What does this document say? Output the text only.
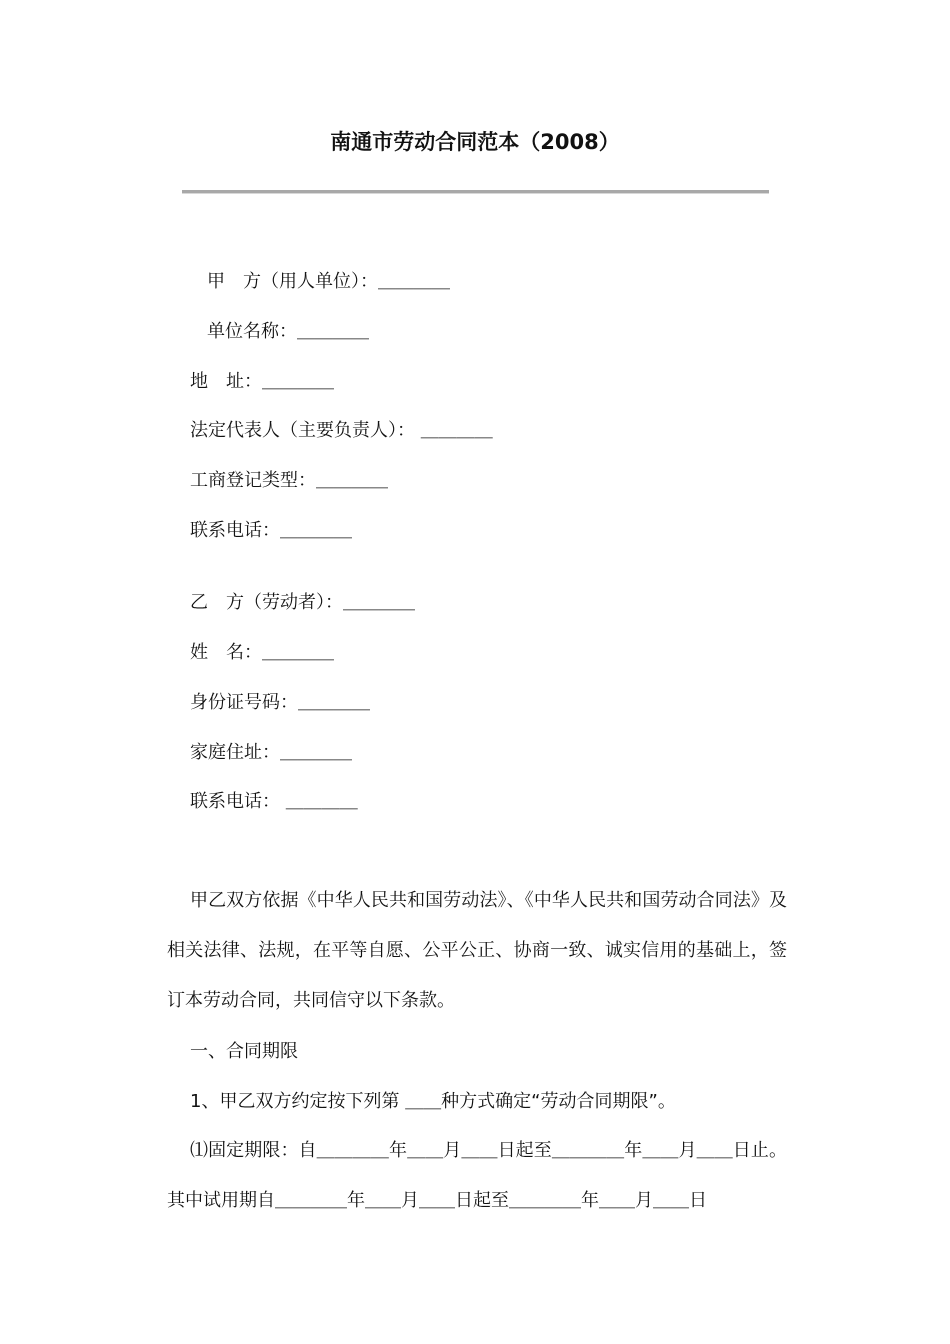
南通市劳动合同范本（2008）
甲　方（用人单位）：＿＿＿＿
单位名称：＿＿＿＿
地　址：＿＿＿＿
法定代表人（主要负责人）： ＿＿＿＿
工商登记类型：＿＿＿＿
联系电话：＿＿＿＿
乙　方（劳动者）：＿＿＿＿
姓　名：＿＿＿＿
身份证号码：＿＿＿＿
家庭住址：＿＿＿＿
联系电话： ＿＿＿＿
甲乙双方依据《中华人民共和国劳动法》、《中华人民共和国劳动合同法》及相关法律、法规，在平等自愿、公平公正、协商一致、诚实信用的基础上，签订本劳动合同，共同信守以下条款。
一、合同期限
1、甲乙双方约定按下列第 ＿＿种方式确定“劳动合同期限”。
⑴固定期限：自＿＿＿＿年＿＿月＿＿日起至＿＿＿＿年＿＿月＿＿日止。其中试用期自＿＿＿＿年＿＿月＿＿日起至＿＿＿＿年＿＿月＿＿日
